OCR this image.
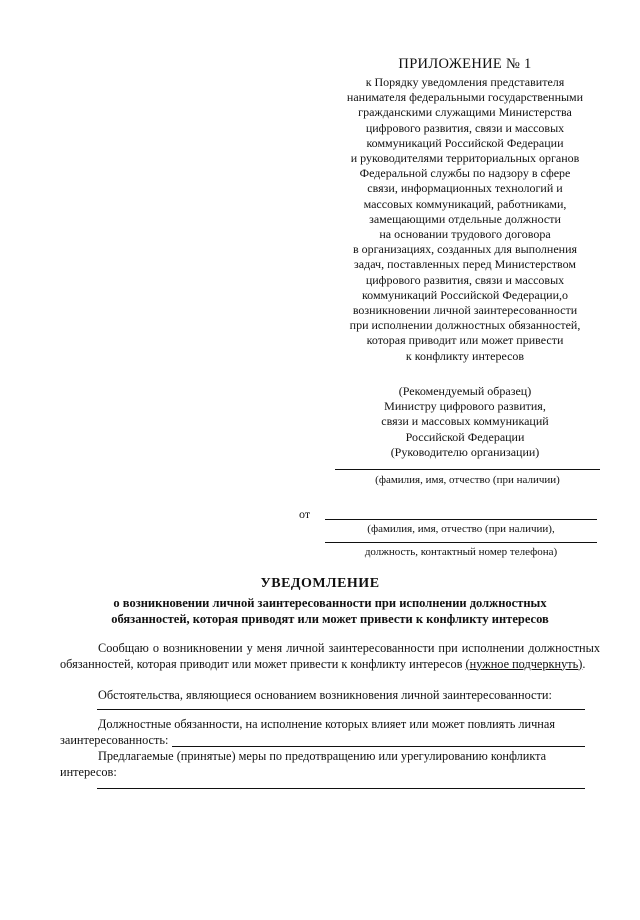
ПРИЛОЖЕНИЕ № 1
к Порядку уведомления представителя
нанимателя федеральными государственными
гражданскими служащими Министерства
цифрового развития, связи и массовых
коммуникаций Российской Федерации
и руководителями территориальных органов
Федеральной службы по надзору в сфере
связи, информационных технологий и
массовых коммуникаций, работниками,
замещающими отдельные должности
на основании трудового договора
в организациях, созданных для выполнения
задач, поставленных перед Министерством
цифрового развития, связи и массовых
коммуникаций Российской Федерации,о
возникновении личной заинтересованности
при исполнении должностных обязанностей,
которая приводит или может привести
к конфликту интересов
(Рекомендуемый образец)
Министру цифрового развития,
связи и массовых коммуникаций
Российской Федерации
(Руководителю организации)
(фамилия, имя, отчество (при наличии)
от
(фамилия, имя, отчество (при наличии),
должность, контактный номер телефона)
УВЕДОМЛЕНИЕ
о возникновении личной заинтересованности при исполнении должностных
обязанностей, которая приводят или может привести к конфликту интересов
Сообщаю о возникновении у меня личной заинтересованности при исполнении должностных обязанностей, которая приводит или может привести к конфликту интересов (нужное подчеркнуть).
Обстоятельства, являющиеся основанием возникновения личной заинтересованности:
Должностные обязанности, на исполнение которых влияет или может повлиять личная
заинтересованность:
Предлагаемые (принятые) меры по предотвращению или урегулированию конфликта
интересов:
